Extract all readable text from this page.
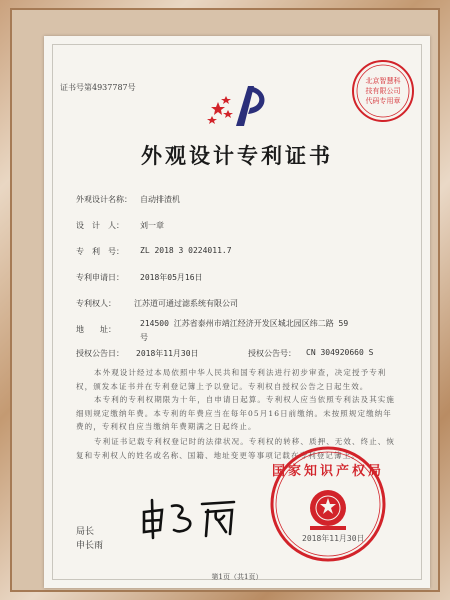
证书号第4937787号
北京智慧科
技有限公司
代码专用章
外观设计专利证书
外观设计名称： 自动排渣机
设　计　人： 刘一章
专　利　号： ZL 2018 3 0224011.7
专利申请日： 2018年05月16日
专利权人： 江苏道可通过滤系统有限公司
地　　址：
214500 江苏省泰州市靖江经济开发区城北园区纬二路 59
号
授权公告日： 2018年11月30日	授权公告号： CN 304920660 S
本外观设计经过本局依照中华人民共和国专利法进行初步审查，决定授予专利权，颁发本证书并在专利登记簿上予以登记。专利权自授权公告之日起生效。
本专利的专利权期限为十年，自申请日起算。专利权人应当依照专利法及其实施细则规定缴纳年费。本专利的年费应当在每年05月16日前缴纳。未按照规定缴纳年费的，专利权自应当缴纳年费期满之日起终止。
专利证书记载专利权登记时的法律状况。专利权的转移、质押、无效、终止、恢复和专利权人的姓名或名称、国籍、地址变更等事项记载在专利登记簿上。
局长
申长雨
国家知识产权局
2018年11月30日
第1页（共1页）
